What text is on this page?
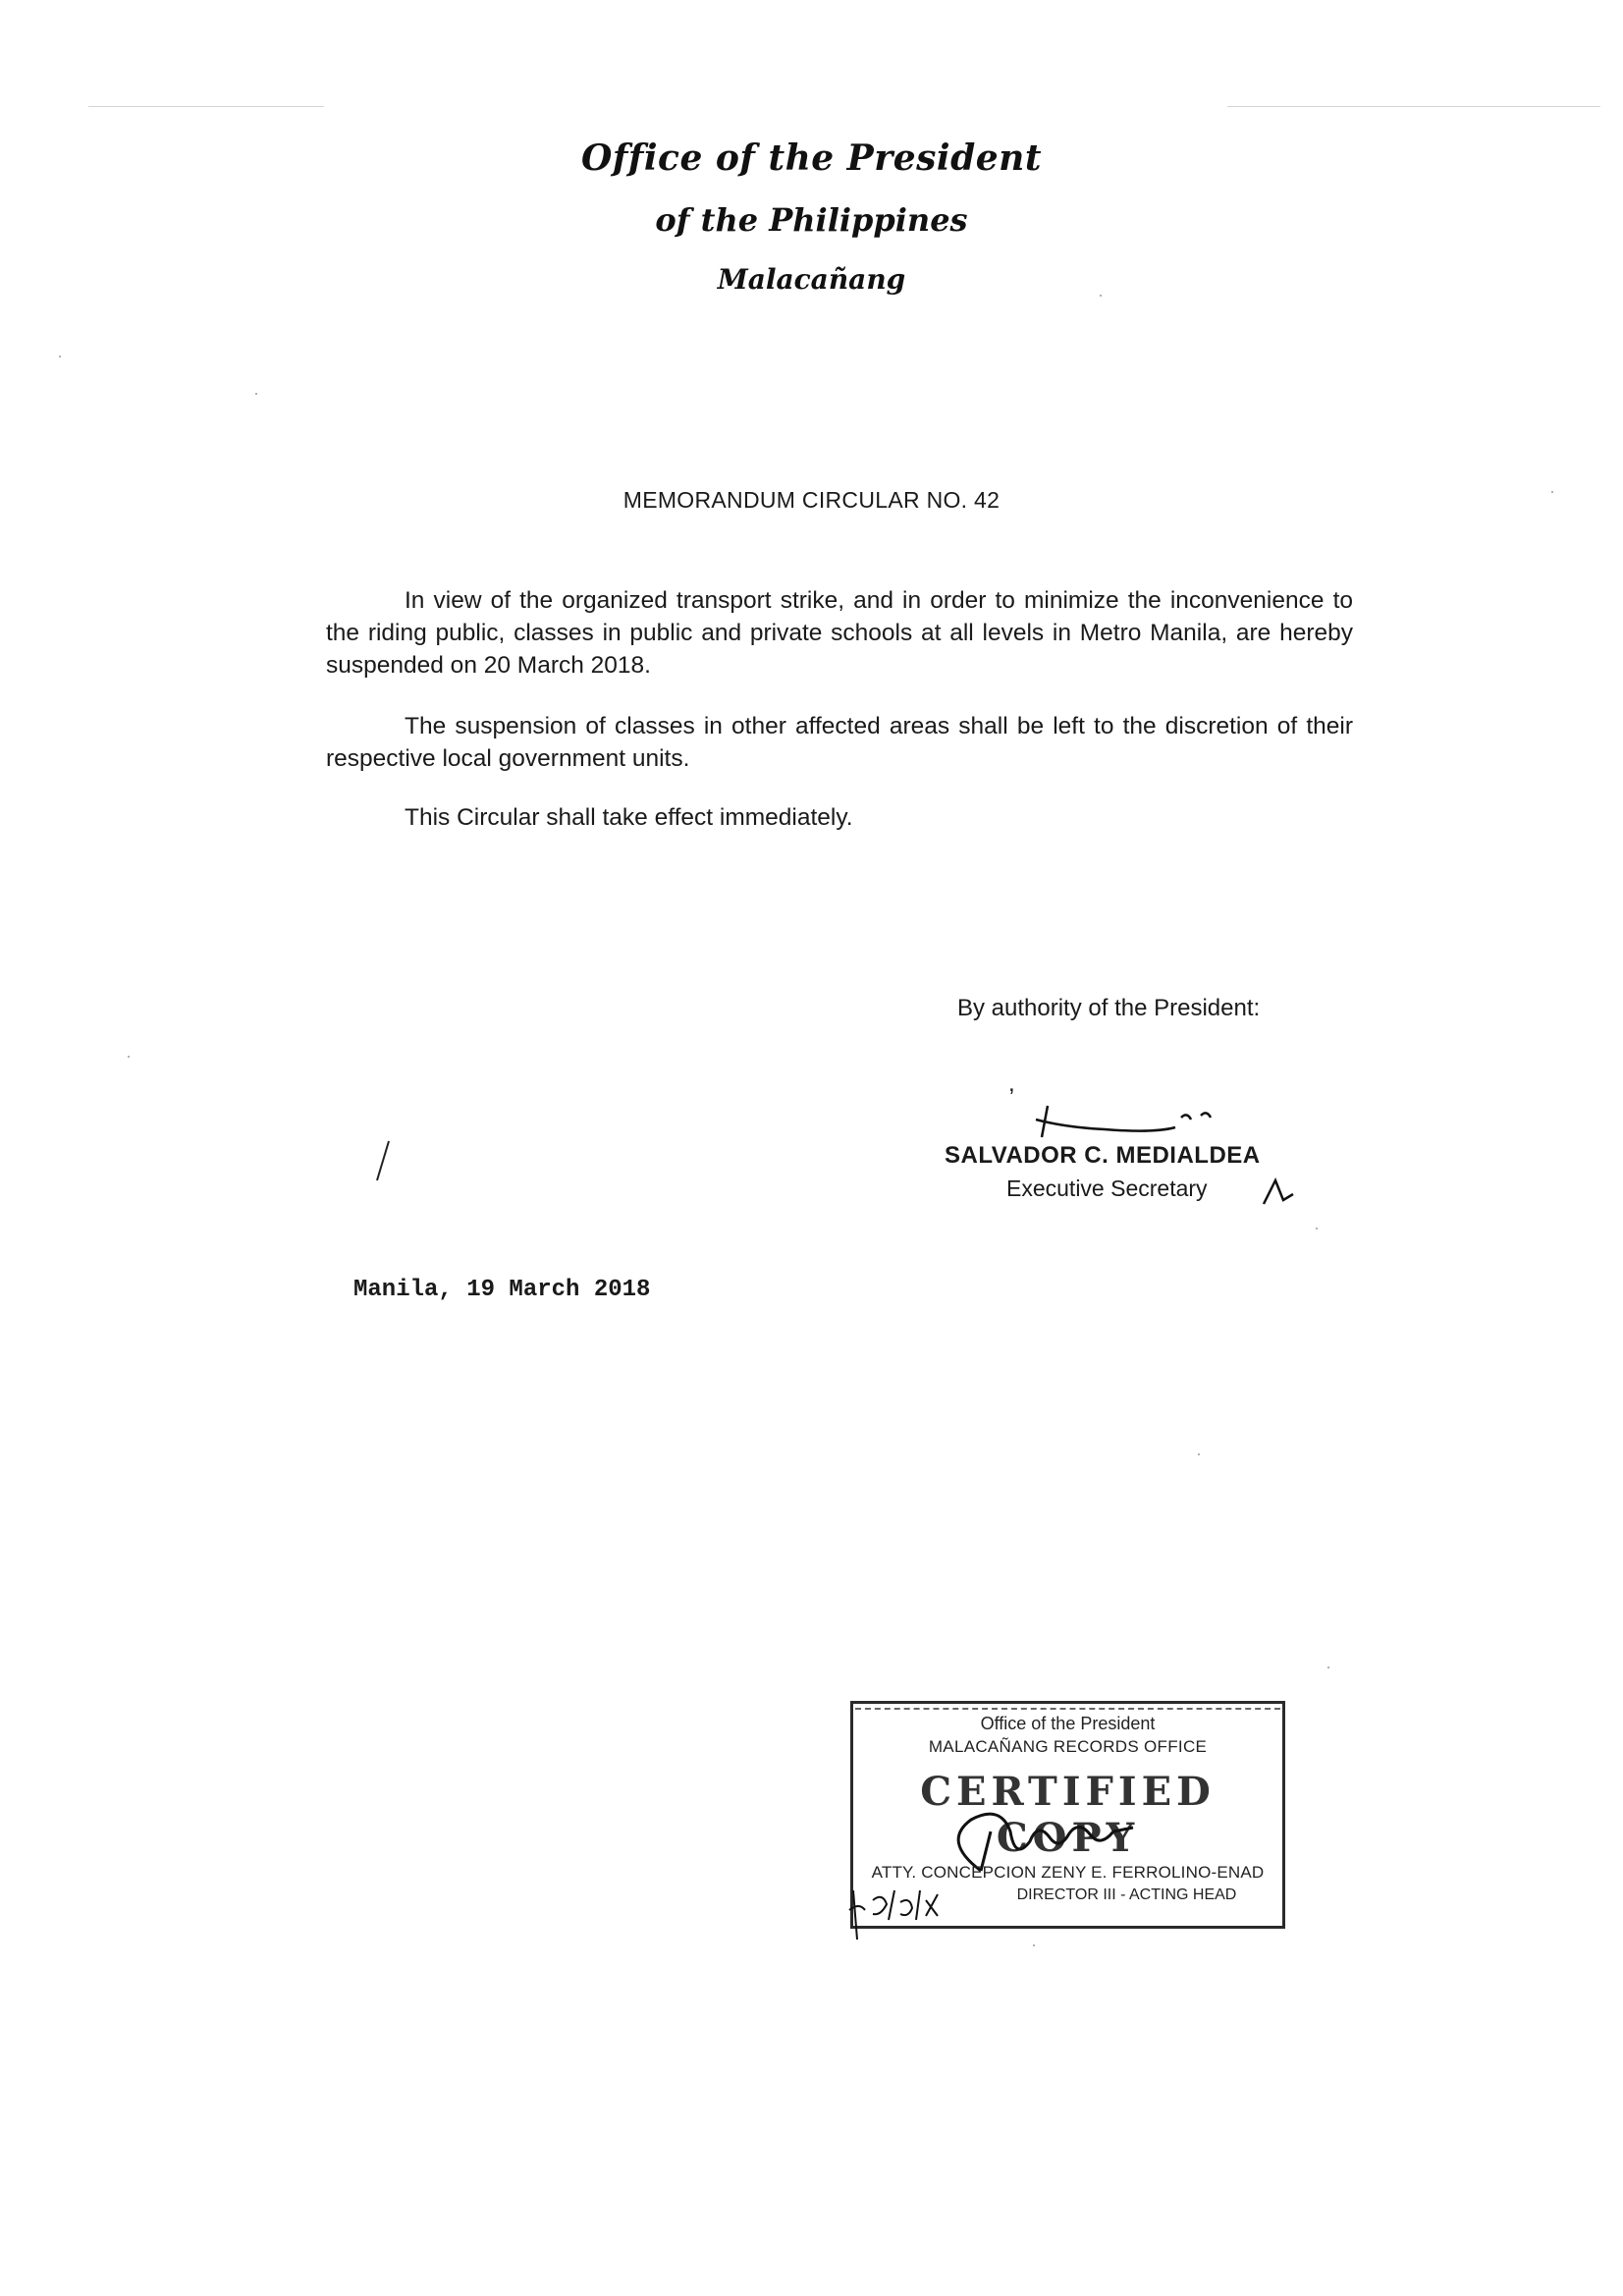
Office of the President
of the Philippines
Malacañang
MEMORANDUM CIRCULAR NO. 42

In view of the organized transport strike, and in order to minimize the inconvenience to the riding public, classes in public and private schools at all levels in Metro Manila, are hereby suspended on 20 March 2018.

The suspension of classes in other affected areas shall be left to the discretion of their respective local government units.

This Circular shall take effect immediately.

By authority of the President:
,
SALVADOR C. MEDIALDEA
Executive Secretary
Manila, 19 March 2018
Office of the President
MALACAÑANG RECORDS OFFICE
CERTIFIED COPY
ATTY. CONCEPCION ZENY E. FERROLINO-ENAD
DIRECTOR III - ACTING HEAD
